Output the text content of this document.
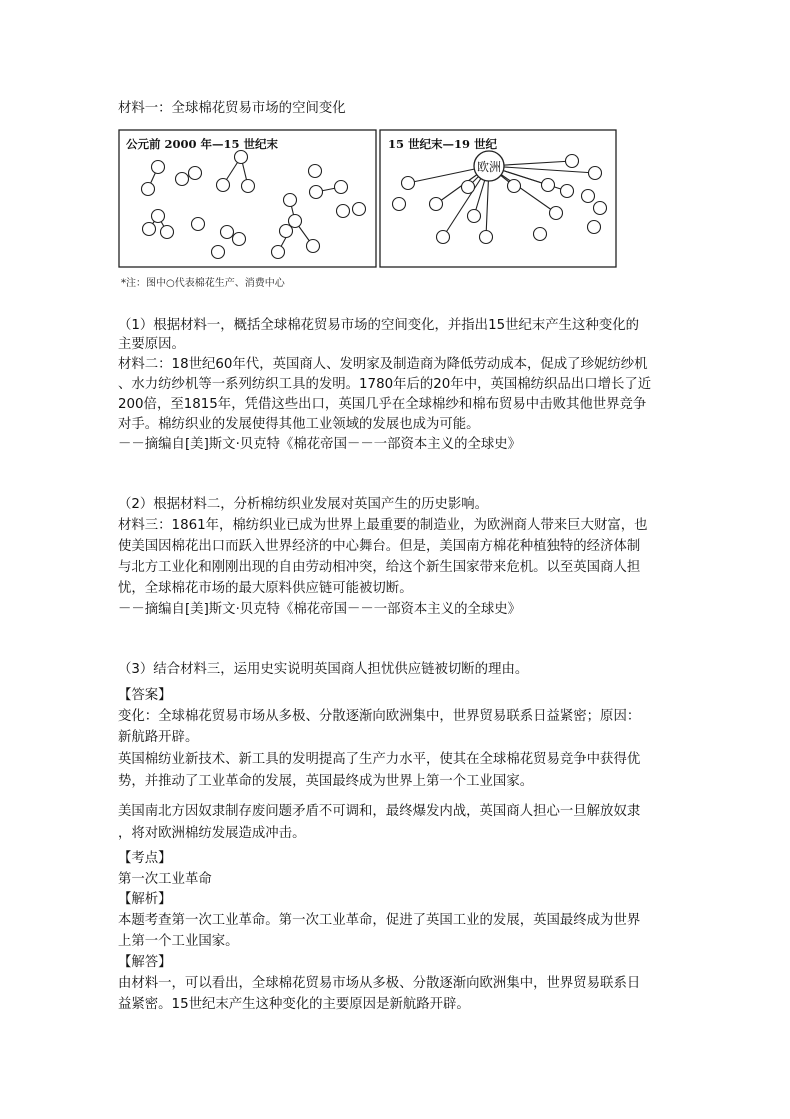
材料一：全球棉花贸易市场的空间变化

公元前 2000 年—15 世纪末	15 世纪末—19 世纪
欧洲
*注：图中○代表棉花生产、消费中心

（1）根据材料一，概括全球棉花贸易市场的空间变化，并指出15世纪末产生这种变化的

主要原因。

材料二：18世纪60年代，英国商人、发明家及制造商为降低劳动成本，促成了珍妮纺纱机

、水力纺纱机等一系列纺织工具的发明。1780年后的20年中，英国棉纺织品出口增长了近

200倍，至1815年，凭借这些出口，英国几乎在全球棉纱和棉布贸易中击败其他世界竞争

对手。棉纺织业的发展使得其他工业领域的发展也成为可能。

－－摘编自[美]斯文·贝克特《棉花帝国－－一部资本主义的全球史》

（2）根据材料二，分析棉纺织业发展对英国产生的历史影响。

材料三：1861年，棉纺织业已成为世界上最重要的制造业，为欧洲商人带来巨大财富，也

使美国因棉花出口而跃入世界经济的中心舞台。但是，美国南方棉花种植独特的经济体制

与北方工业化和刚刚出现的自由劳动相冲突，给这个新生国家带来危机。以至英国商人担

忧，全球棉花市场的最大原料供应链可能被切断。

－－摘编自[美]斯文·贝克特《棉花帝国－－一部资本主义的全球史》

（3）结合材料三，运用史实说明英国商人担忧供应链被切断的理由。

【答案】

变化：全球棉花贸易市场从多极、分散逐渐向欧洲集中，世界贸易联系日益紧密；原因：

新航路开辟。

英国棉纺业新技术、新工具的发明提高了生产力水平，使其在全球棉花贸易竞争中获得优

势，并推动了工业革命的发展，英国最终成为世界上第一个工业国家。

美国南北方因奴隶制存废问题矛盾不可调和，最终爆发内战，英国商人担心一旦解放奴隶

，将对欧洲棉纺发展造成冲击。

【考点】

第一次工业革命

【解析】

本题考查第一次工业革命。第一次工业革命，促进了英国工业的发展，英国最终成为世界

上第一个工业国家。

【解答】

由材料一，可以看出，全球棉花贸易市场从多极、分散逐渐向欧洲集中，世界贸易联系日

益紧密。15世纪末产生这种变化的主要原因是新航路开辟。
